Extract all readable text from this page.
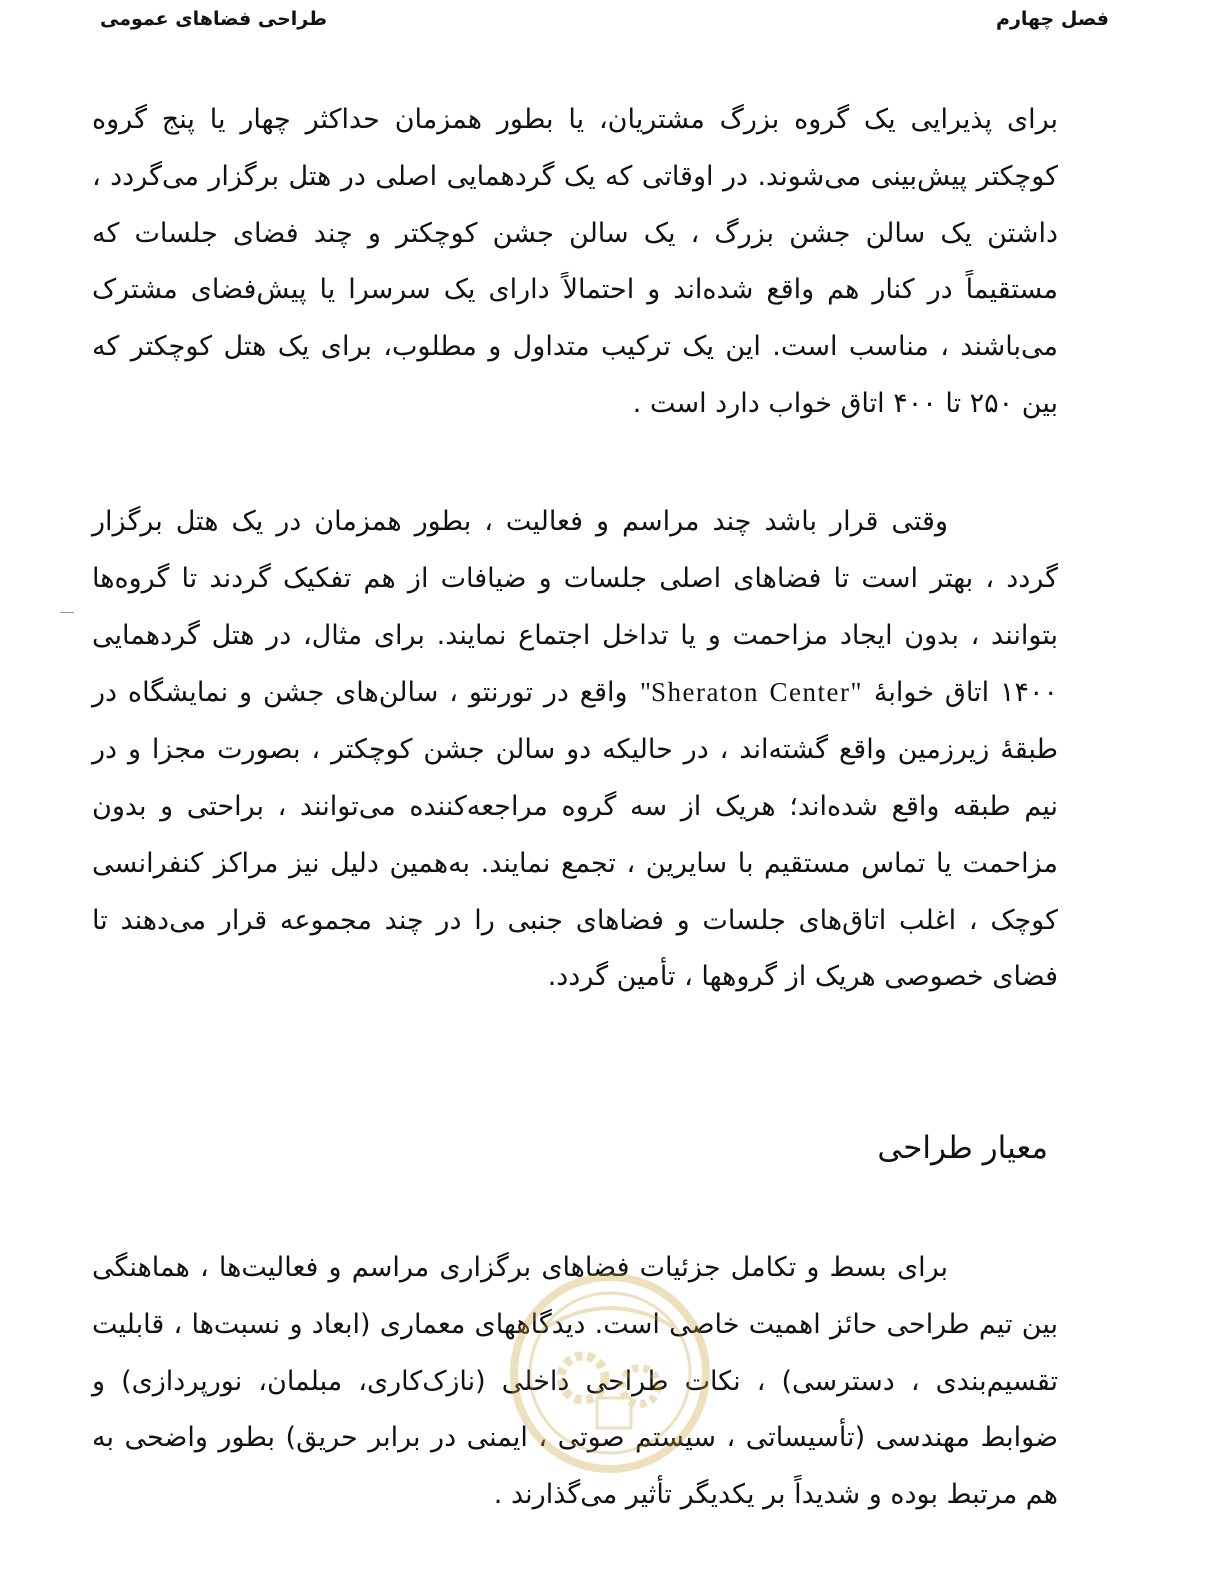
فصل چهارم
طراحی فضاهای عمومی

برای پذیرایی یک گروه بزرگ مشتریان، یا بطور همزمان حداکثر چهار یا پنج گروه کوچکتر پیش‌بینی می‌شوند. در اوقاتی که یک گردهمایی اصلی در هتل برگزار می‌گردد ، داشتن یک سالن جشن بزرگ ، یک سالن جشن کوچکتر و چند فضای جلسات که مستقیماً در کنار هم واقع شده‌اند و احتمالاً دارای یک سرسرا یا پیش‌فضای مشترک می‌باشند ، مناسب است. این یک ترکیب متداول و مطلوب، برای یک هتل کوچکتر که بین ۲۵۰ تا ۴۰۰ اتاق خواب دارد است .

وقتی قرار باشد چند مراسم و فعالیت ، بطور همزمان در یک هتل برگزار گردد ، بهتر است تا فضاهای اصلی جلسات و ضیافات از هم تفکیک گردند تا گروه‌ها بتوانند ، بدون ایجاد مزاحمت و یا تداخل اجتماع نمایند. برای مثال، در هتل گردهمایی ۱۴۰۰ اتاق خوابهٔ "Sheraton Center" واقع در تورنتو ، سالن‌های جشن و نمایشگاه در طبقهٔ زیرزمین واقع گشته‌اند ، در حالیکه دو سالن جشن کوچکتر ، بصورت مجزا و در نیم طبقه واقع شده‌اند؛ هریک از سه گروه مراجعه‌کننده می‌توانند ، براحتی و بدون مزاحمت یا تماس مستقیم با سایرین ، تجمع نمایند. به‌همین دلیل نیز مراکز کنفرانسی کوچک ، اغلب اتاق‌های جلسات و فضاهای جنبی را در چند مجموعه قرار می‌دهند تا فضای خصوصی هریک از گروهها ، تأمین گردد.

معیار طراحی

برای بسط و تکامل جزئیات فضاهای برگزاری مراسم و فعالیت‌ها ، هماهنگی بین تیم طراحی حائز اهمیت خاصی است. دیدگاههای معماری (ابعاد و نسبت‌ها ، قابلیت تقسیم‌بندی ، دسترسی) ، نکات طراحی داخلی (نازک‌کاری، مبلمان، نورپردازی) و ضوابط مهندسی (تأسیساتی ، سیستم صوتی ، ایمنی در برابر حریق) بطور واضحی به هم مرتبط بوده و شدیداً بر یکدیگر تأثیر می‌گذارند .
